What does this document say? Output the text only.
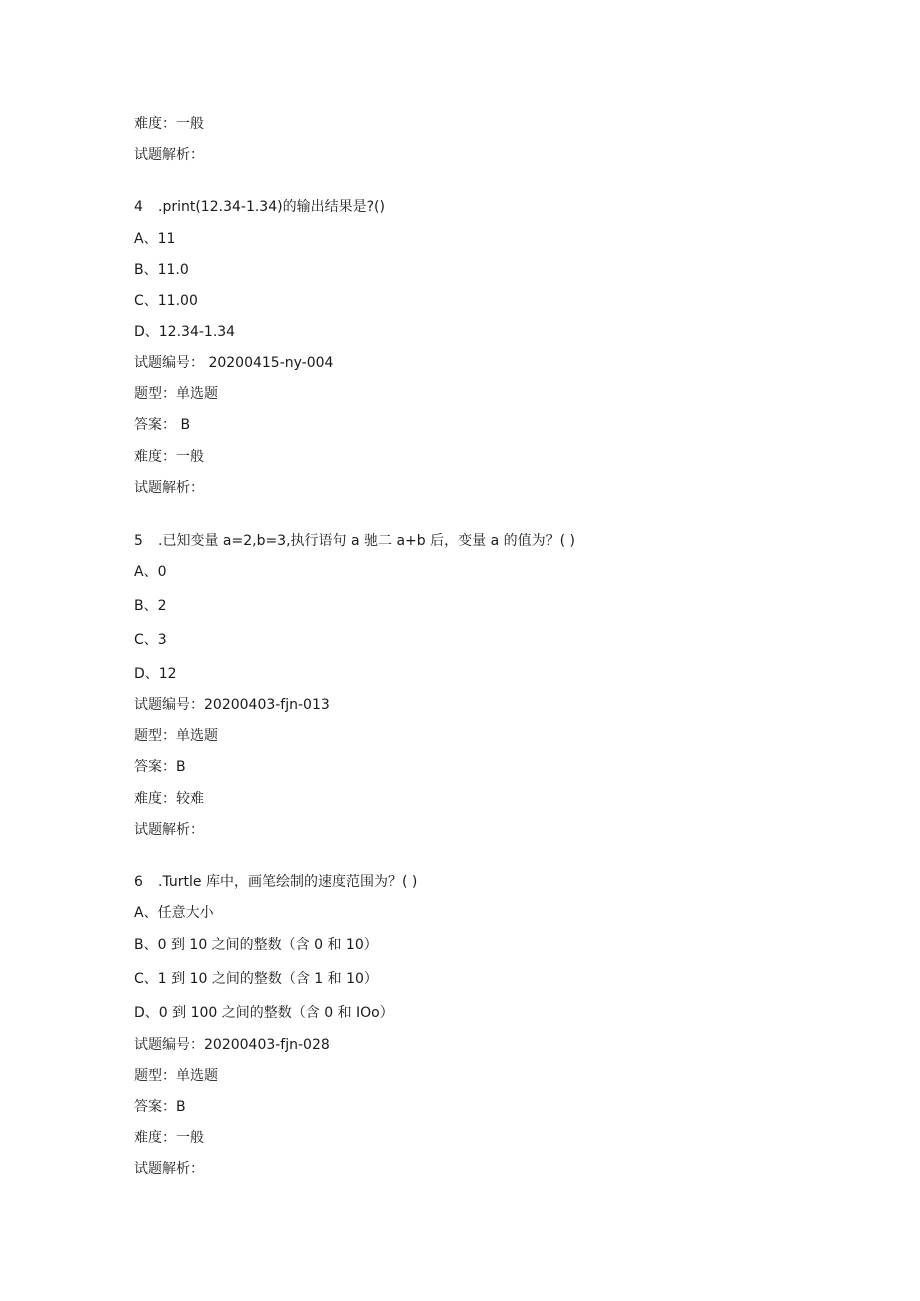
难度：一般
试题解析：
4 .print(12.34-1.34)的输出结果是?()
A、11
B、11.0
C、11.00
D、12.34-1.34
试题编号： 20200415-ny-004
题型：单选题
答案： B
难度：一般
试题解析：
5 .已知变量 a=2,b=3,执行语句 a 驰二 a+b 后，变量 a 的值为？( )
A、0
B、2
C、3
D、12
试题编号：20200403-fjn-013
题型：单选题
答案：B
难度：较难
试题解析：
6 .Turtle 库中，画笔绘制的速度范围为？( )
A、任意大小
B、0 到 10 之间的整数（含 0 和 10）
C、1 到 10 之间的整数（含 1 和 10）
D、0 到 100 之间的整数（含 0 和 IOo）
试题编号：20200403-fjn-028
题型：单选题
答案：B
难度：一般
试题解析：
